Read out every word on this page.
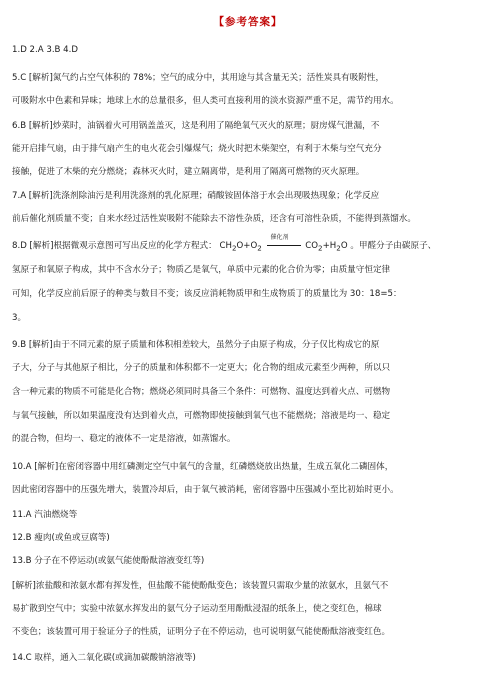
【参考答案】
1.D 2.A 3.B 4.D
5.C [解析]氮气约占空气体积的 78%；空气的成分中，其用途与其含量无关；活性炭具有吸附性，
可吸附水中色素和异味；地球上水的总量很多，但人类可直接利用的淡水资源严重不足，需节约用水。
6.B [解析]炒菜时，油锅着火可用锅盖盖灭，这是利用了隔绝氧气灭火的原理；厨房煤气泄漏，不
能开启排气扇，由于排气扇产生的电火花会引爆煤气；烧火时把木柴架空，有利于木柴与空气充分
接触，促进了木柴的充分燃烧；森林灭火时，建立隔离带，是利用了隔离可燃物的灭火原理。
7.A [解析]洗涤剂除油污是利用洗涤剂的乳化原理；硝酸铵固体溶于水会出现吸热现象；化学反应
前后催化剂质量不变；自来水经过活性炭吸附不能除去不溶性杂质，还含有可溶性杂质，不能得到蒸馏水。
8.D [解析]根据微观示意图可写出反应的化学方程式： $CH_2O+O_2$
催化剂
$CO_2+H_2O$ 。甲醛分子由碳原子、
氢原子和氧原子构成，其中不含水分子；物质乙是氧气，单质中元素的化合价为零；由质量守恒定律
可知，化学反应前后原子的种类与数目不变；该反应消耗物质甲和生成物质丁的质量比为 30：18=5：
3。
9.B [解析]由于不同元素的原子质量和体积相差较大，虽然分子由原子构成，分子仅比构成它的原
子大，分子与其他原子相比，分子的质量和体积都不一定更大；化合物的组成元素至少两种，所以只
含一种元素的物质不可能是化合物；燃烧必须同时具备三个条件：可燃物、温度达到着火点、可燃物
与氧气接触，所以如果温度没有达到着火点，可燃物即使接触到氧气也不能燃烧；溶液是均一、稳定
的混合物，但均一、稳定的液体不一定是溶液，如蒸馏水。
10.A [解析]在密闭容器中用红磷测定空气中氧气的含量，红磷燃烧放出热量，生成五氧化二磷固体，
因此密闭容器中的压强先增大，装置冷却后，由于氧气被消耗，密闭容器中压强减小至比初始时更小。
11.A 汽油燃烧等
12.B 瘦肉(或鱼或豆腐等)
13.B 分子在不停运动(或氨气能使酚酞溶液变红等)
[解析]浓盐酸和浓氨水都有挥发性，但盐酸不能使酚酞变色；该装置只需取少量的浓氨水，且氨气不
易扩散到空气中；实验中浓氨水挥发出的氨气分子运动至用酚酞浸湿的纸条上，使之变红色，棉球
不变色；该装置可用于验证分子的性质，证明分子在不停运动，也可说明氨气能使酚酞溶液变红色。
14.C 取样，通入二氧化碳(或滴加碳酸钠溶液等)
